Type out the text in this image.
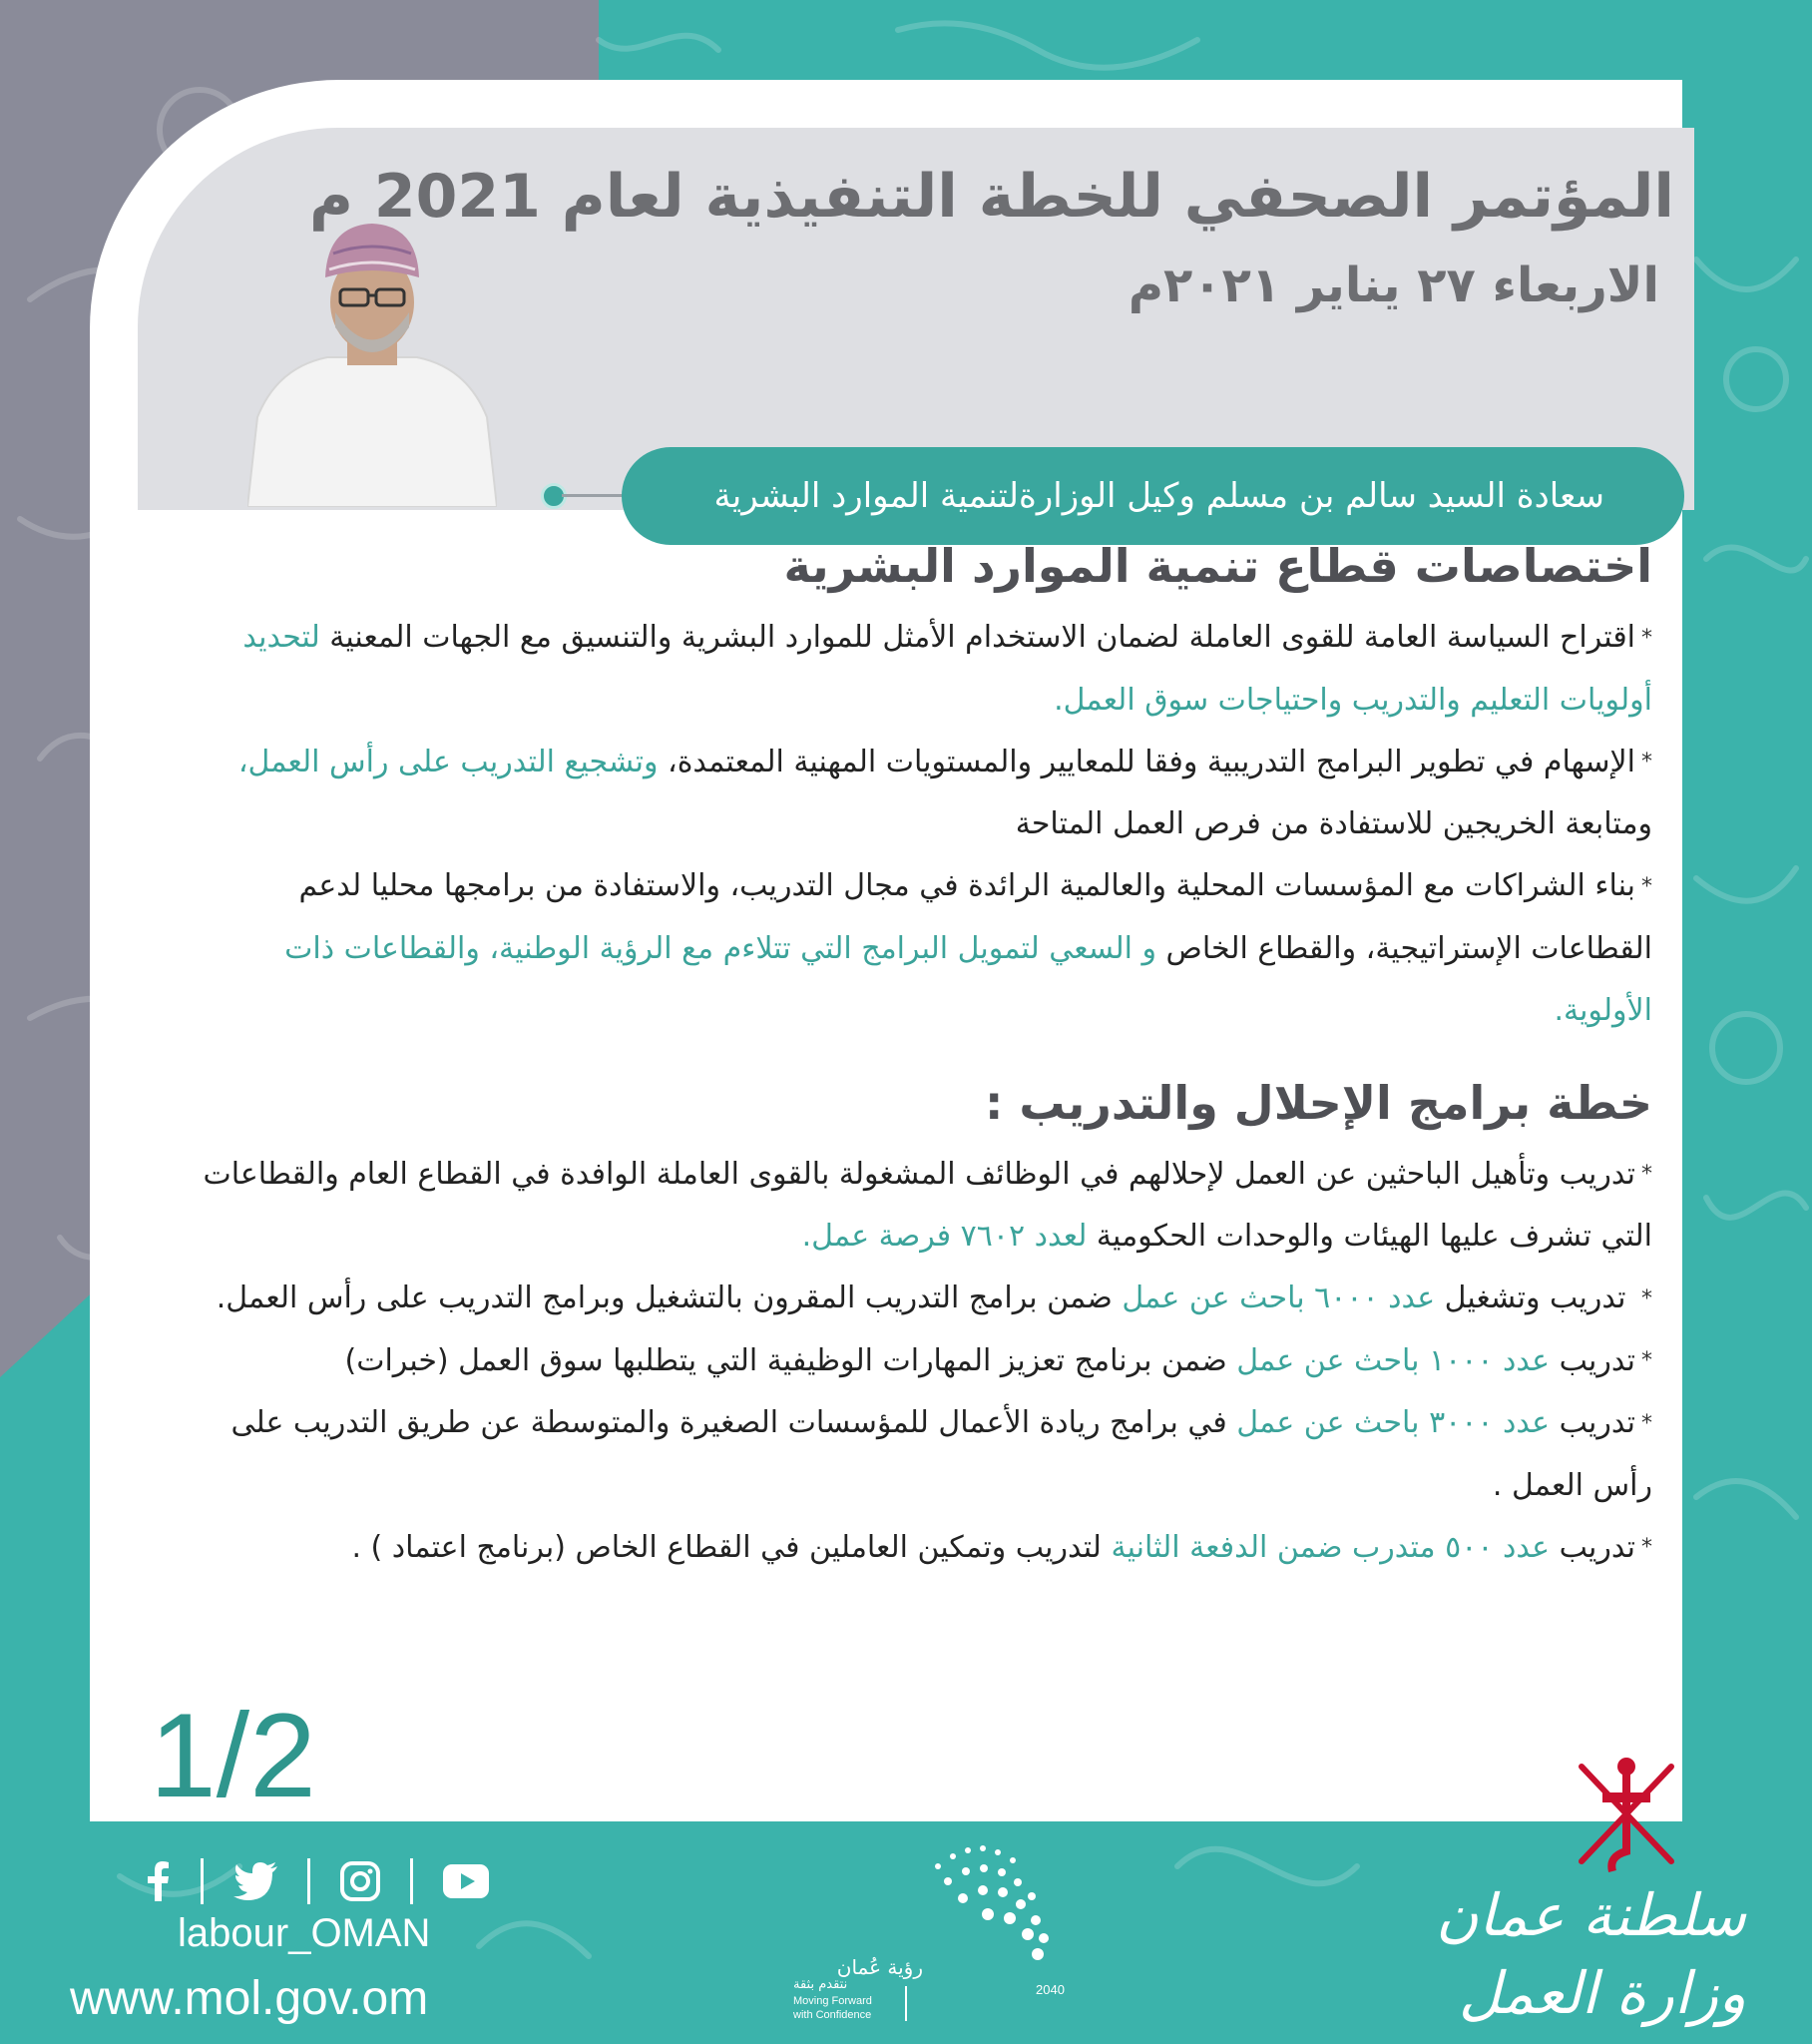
المؤتمر الصحفي للخطة التنفيذية لعام 2021 م
الاربعاء ٢٧ يناير ٢٠٢١م
سعادة السيد سالم بن مسلم وكيل الوزارةلتنمية الموارد البشرية
اختصاصات قطاع تنمية الموارد البشرية

*اقتراح السياسة العامة للقوى العاملة لضمان الاستخدام الأمثل للموارد البشرية والتنسيق مع الجهات المعنية لتحديد أولويات التعليم والتدريب واحتياجات سوق العمل.

*الإسهام في تطوير البرامج التدريبية وفقا للمعايير والمستويات المهنية المعتمدة، وتشجيع التدريب على رأس العمل، ومتابعة الخريجين للاستفادة من فرص العمل المتاحة

*بناء الشراكات مع المؤسسات المحلية والعالمية الرائدة في مجال التدريب، والاستفادة من برامجها محليا لدعم القطاعات الإستراتيجية، والقطاع الخاص و السعي لتمويل البرامج التي تتلاءم مع الرؤية الوطنية، والقطاعات ذات الأولوية.

خطة برامج الإحلال والتدريب :

*تدريب وتأهيل الباحثين عن العمل لإحلالهم في الوظائف المشغولة بالقوى العاملة الوافدة في القطاع العام والقطاعات التي تشرف عليها الهيئات والوحدات الحكومية لعدد ٧٦٠٢ فرصة عمل.

* تدريب وتشغيل عدد ٦٠٠٠ باحث عن عمل ضمن برامج التدريب المقرون بالتشغيل وبرامج التدريب على رأس العمل.

*تدريب عدد ١٠٠٠ باحث عن عمل ضمن برنامج تعزيز المهارات الوظيفية التي يتطلبها سوق العمل (خبرات)

*تدريب عدد ٣٠٠٠ باحث عن عمل في برامج ريادة الأعمال للمؤسسات الصغيرة والمتوسطة عن طريق التدريب على رأس العمل .

*تدريب عدد ٥٠٠ متدرب ضمن الدفعة الثانية لتدريب وتمكين العاملين في القطاع الخاص (برنامج اعتماد ) .

1/2
labour_OMAN
www.mol.gov.om
رؤية عُمان
2040
نتقدم بثقة
Moving Forward
with Confidence
سلطنة عمان
وزارة العمل
